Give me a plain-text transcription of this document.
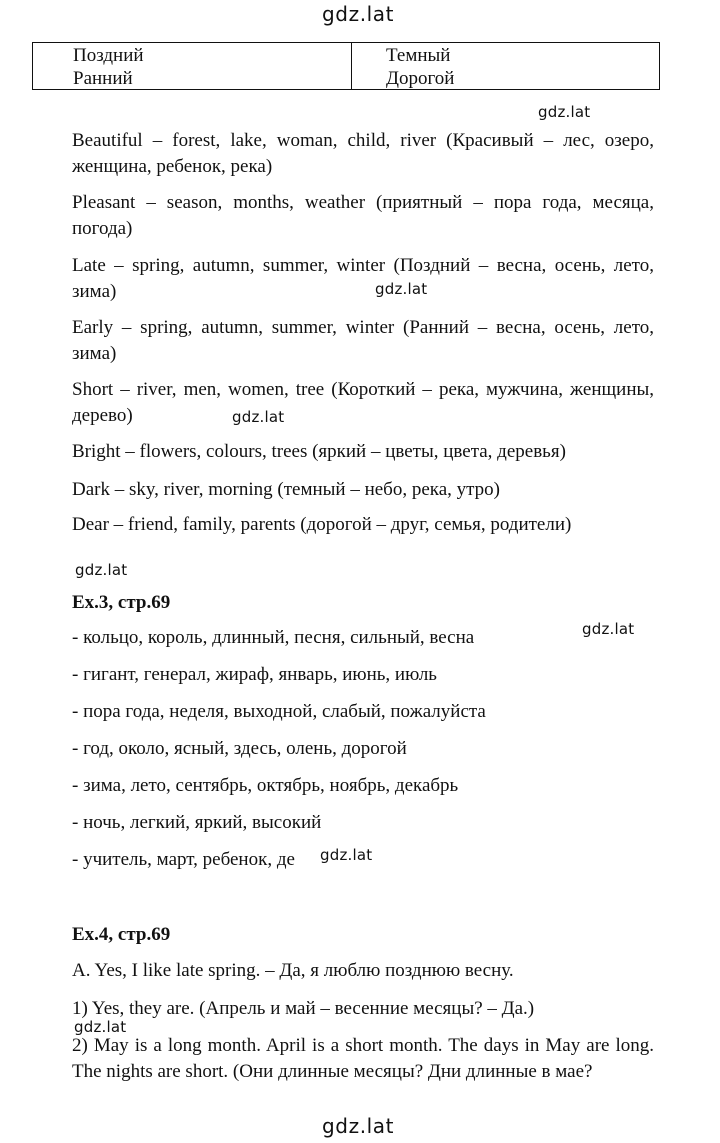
gdz.lat
Поздний
Ранний
Темный
Дорогой
gdz.lat
Beautiful – forest, lake, woman, child, river (Красивый – лес, озеро, женщина, ребенок, река)
Pleasant – season, months, weather (приятный – пора года, месяца, погода)
Late – spring, autumn, summer, winter (Поздний – весна, осень, лето, зима)	gdz.lat
Early – spring, autumn, summer, winter (Ранний – весна, осень, лето, зима)
Short – river, men, women, tree (Короткий – река, мужчина, женщины, дерево)	gdz.lat
Bright – flowers, colours, trees (яркий – цветы, цвета, деревья)
Dark – sky, river, morning (темный – небо, река, утро)
Dear – friend, family, parents (дорогой – друг, семья, родители)
gdz.lat
Ex.3, стр.69
gdz.lat
- кольцо, король, длинный, песня, сильный, весна
- гигант, генерал, жираф, январь, июнь, июль
- пора года, неделя, выходной, слабый, пожалуйста
- год, около, ясный, здесь, олень, дорогой
- зима, лето, сентябрь, октябрь, ноябрь, декабрь
- ночь, легкий, яркий, высокий
- учитель, март, ребенок, де gdz.lat
Ex.4, стр.69
A. Yes, I like late spring. – Да, я люблю позднюю весну.
1) Yes, they are. (Апрель и май – весенние месяцы? – Да.)
2) May is a long month. April is a short month. The days in May are long. The nights are short. (Они длинные месяцы? Дни длинные в мае?
gdz.lat
gdz.lat
